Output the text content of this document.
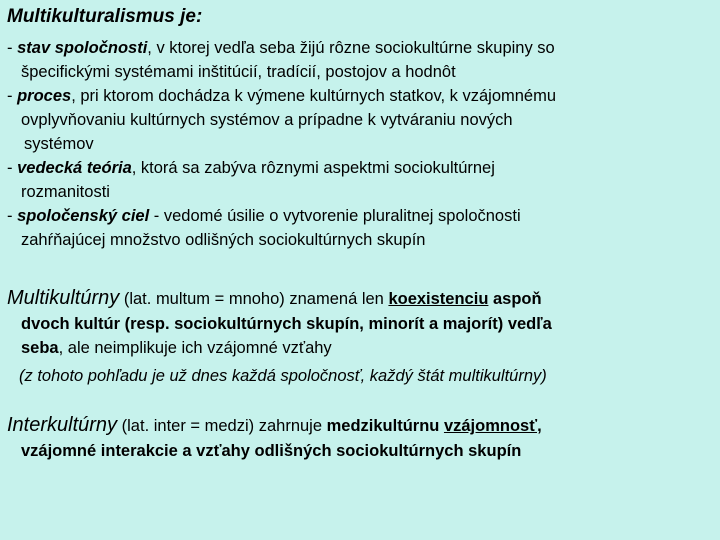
Multikulturalismus je:

- stav spoločnosti, v ktorej vedľa seba žijú rôzne sociokultúrne skupiny so
špecifickými systémami inštitúcií, tradícií, postojov a hodnôt

- proces, pri ktorom dochádza k výmene kultúrnych statkov, k vzájomnému
ovplyvňovaniu kultúrnych systémov a prípadne k vytváraniu nových
systémov

- vedecká teória, ktorá sa zabýva rôznymi aspektmi sociokultúrnej
rozmanitosti

- spoločenský ciel - vedomé úsilie o vytvorenie pluralitnej spoločnosti
zahŕňajúcej množstvo odlišných sociokultúrnych skupín

Multikultúrny (lat. multum = mnoho) znamená len koexistenciu aspoň

dvoch kultúr (resp. sociokultúrnych skupín, minorít a majorít) vedľa

seba, ale neimplikuje ich vzájomné vzťahy

(z tohoto pohľadu je už dnes každá spoločnosť, každý štát multikultúrny)

Interkultúrny (lat. inter = medzi) zahrnuje medzikultúrnu vzájomnosť,

vzájomné interakcie a vzťahy odlišných sociokultúrnych skupín
